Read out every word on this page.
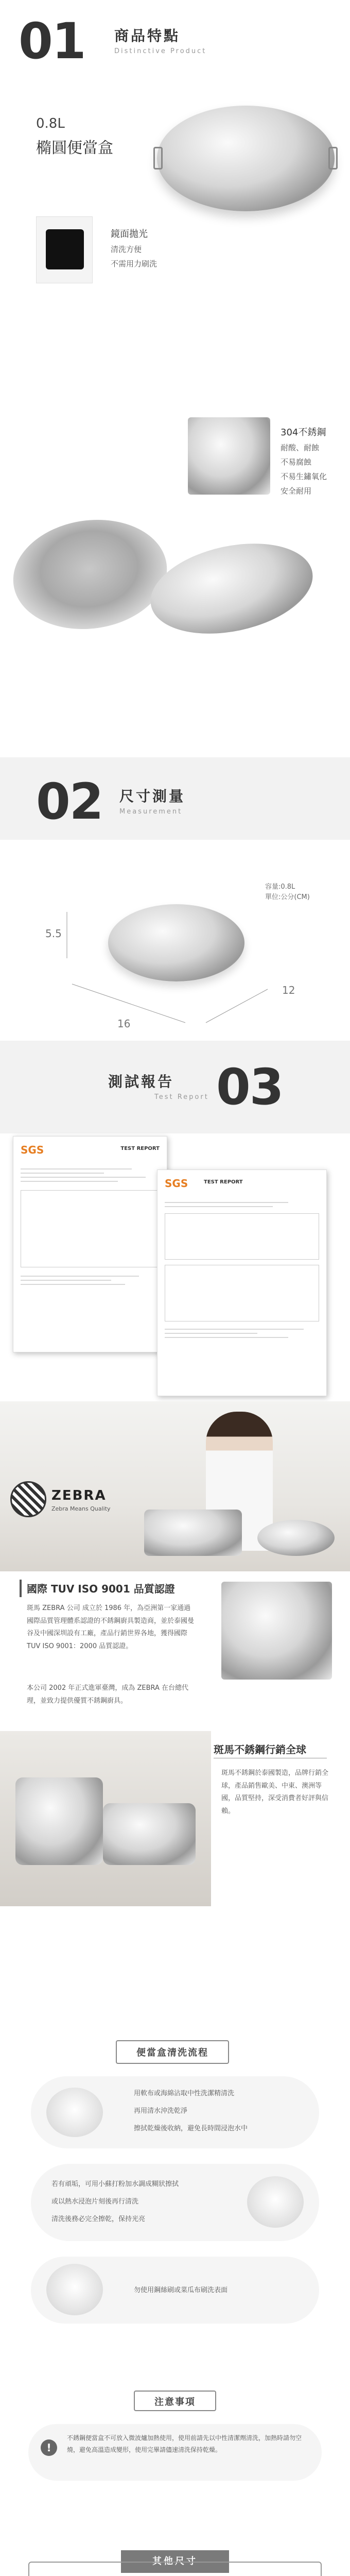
01 商品特點
Distinctive Product
0.8L
橢圓便當盒
鏡面拋光
清洗方便
不需用力刷洗
304不銹鋼
耐酸、耐蝕
不易腐蝕
不易生鏽氧化
安全耐用
02 尺寸測量
Measurement
容量:0.8L
單位:公分(CM)
5.5
16
12
測試報告
Test Report 03
SGS	TEST REPORT
SGS	TEST REPORT
ZEBRA
Zebra Means Quality
國際 TUV ISO 9001 品質認證
斑馬 ZEBRA 公司 成立於 1986 年，為亞洲第一家通過國際品質管理體系認證的不銹鋼廚具製造商，並於泰國曼谷及中國深圳設有工廠，產品行銷世界各地，獲得國際 TUV ISO 9001：2000 品質認證。
本公司 2002 年正式進軍臺灣，成為 ZEBRA 在台總代理，並致力提供優質不銹鋼廚具。
斑馬不銹鋼行銷全球
斑馬不銹鋼於泰國製造，品牌行銷全球，產品銷售歐美、中東、澳洲等國，品質堅持，深受消費者好評與信賴。
便當盒清洗流程
用軟布或海綿沾取中性洗潔精清洗
再用清水沖洗乾淨
擦拭乾燥後收納，避免長時間浸泡水中
若有頑垢，可用小蘇打粉加水調成糊狀擦拭
或以熱水浸泡片刻後再行清洗
清洗後務必完全擦乾，保持光亮
勿使用鋼絲刷或菜瓜布刷洗表面
注意事項
!
不銹鋼便當盒不可放入微波爐加熱使用，使用前請先以中性清潔劑清洗，加熱時請勿空燒，避免高溫造成變形，使用完畢請儘速清洗保持乾燥。
其他尺寸
